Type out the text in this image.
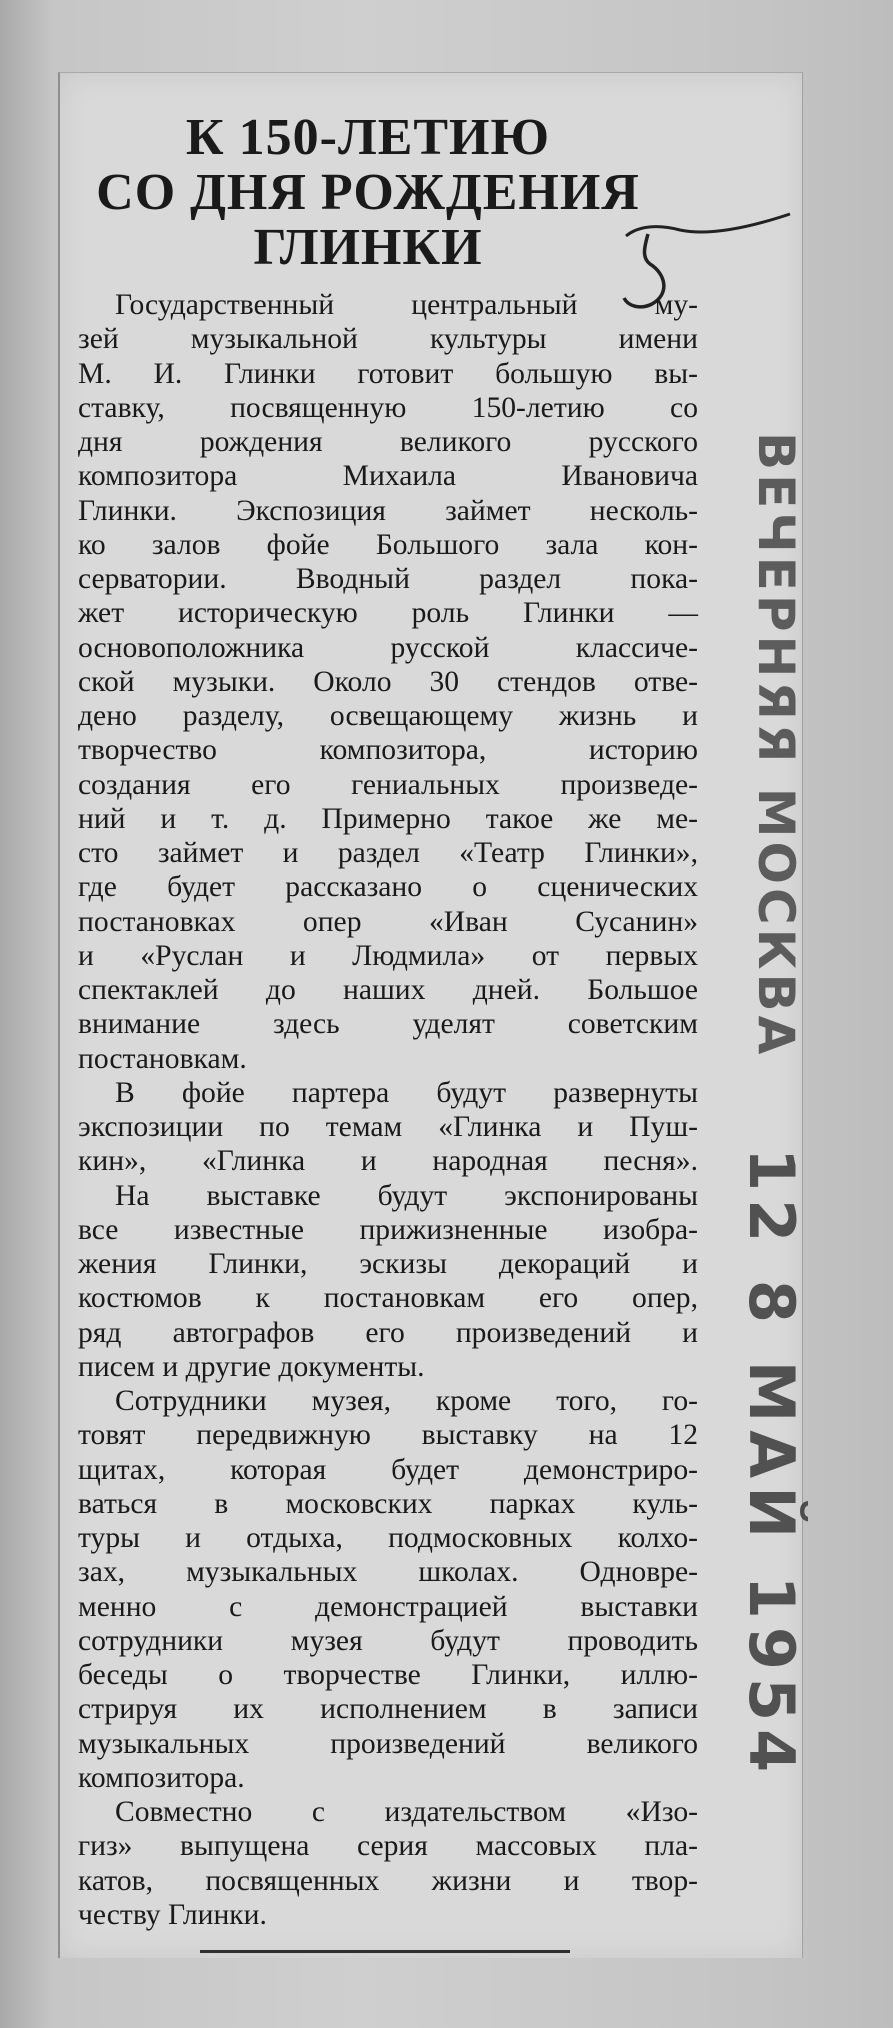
К 150-ЛЕТИЮ
СО ДНЯ РОЖДЕНИЯ
ГЛИНКИ
Государственный центральный му-
зей музыкальной культуры имени
М. И. Глинки готовит большую вы-
ставку, посвященную 150-летию со
дня рождения великого русского
композитора Михаила Ивановича
Глинки. Экспозиция займет несколь-
ко залов фойе Большого зала кон-
серватории. Вводный раздел пока-
жет историческую роль Глинки —
основоположника русской классиче-
ской музыки. Около 30 стендов отве-
дено разделу, освещающему жизнь и
творчество композитора, историю
создания его гениальных произведе-
ний и т. д. Примерно такое же ме-
сто займет и раздел «Театр Глинки»,
где будет рассказано о сценических
постановках опер «Иван Сусанин»
и «Руслан и Людмила» от первых
спектаклей до наших дней. Большое
внимание здесь уделят советским
постановкам.
В фойе партера будут развернуты
экспозиции по темам «Глинка и Пуш-
кин», «Глинка и народная песня».
На выставке будут экспонированы
все известные прижизненные изобра-
жения Глинки, эскизы декораций и
костюмов к постановкам его опер,
ряд автографов его произведений и
писем и другие документы.
Сотрудники музея, кроме того, го-
товят передвижную выставку на 12
щитах, которая будет демонстриро-
ваться в московских парках куль-
туры и отдыха, подмосковных колхо-
зах, музыкальных школах. Одновре-
менно с демонстрацией выставки
сотрудники музея будут проводить
беседы о творчестве Глинки, иллю-
стрируя их исполнением в записи
музыкальных произведений великого
композитора.
Совместно с издательством «Изо-
гиз» выпущена серия массовых пла-
катов, посвященных жизни и твор-
честву Глинки.
ВЕЧЕРНЯЯ МОСКВА
12 8 МАЙ 1954
